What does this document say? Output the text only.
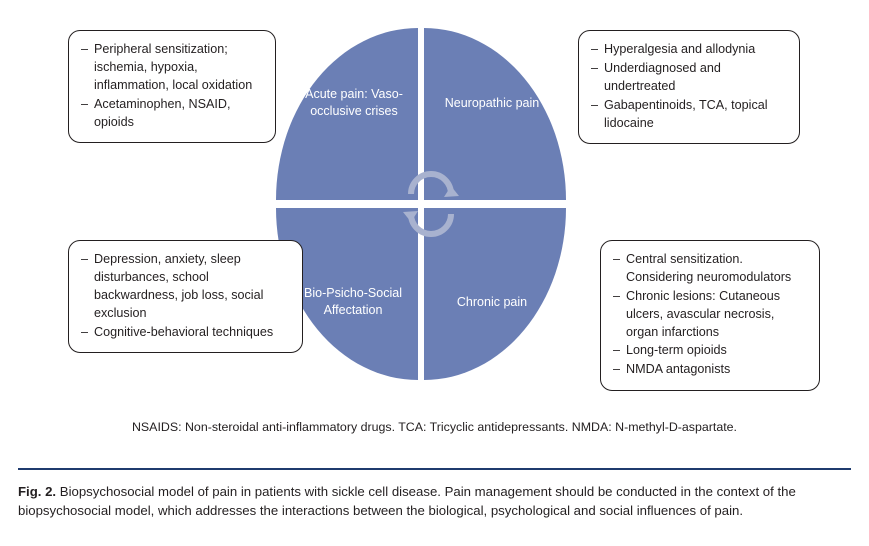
Acute pain: Vaso-occlusive crises
Neuropathic pain
Bio-Psicho-Social Affectation
Chronic pain
– Peripheral sensitization; ischemia, hypoxia, inflammation, local oxidation
– Acetaminophen, NSAID, opioids
– Hyperalgesia and allodynia
– Underdiagnosed and undertreated
– Gabapentinoids, TCA, topical lidocaine
– Depression, anxiety, sleep disturbances, school backwardness, job loss, social exclusion
– Cognitive-behavioral techniques
– Central sensitization. Considering neuromodulators
– Chronic lesions: Cutaneous ulcers, avascular necrosis, organ infarctions
– Long-term opioids
– NMDA antagonists
NSAIDS: Non-steroidal anti-inflammatory drugs. TCA: Tricyclic antidepressants. NMDA: N-methyl-D-aspartate.
Fig. 2. Biopsychosocial model of pain in patients with sickle cell disease. Pain management should be conducted in the context of the biopsychosocial model, which addresses the interactions between the biological, psychological and social influences of pain.
